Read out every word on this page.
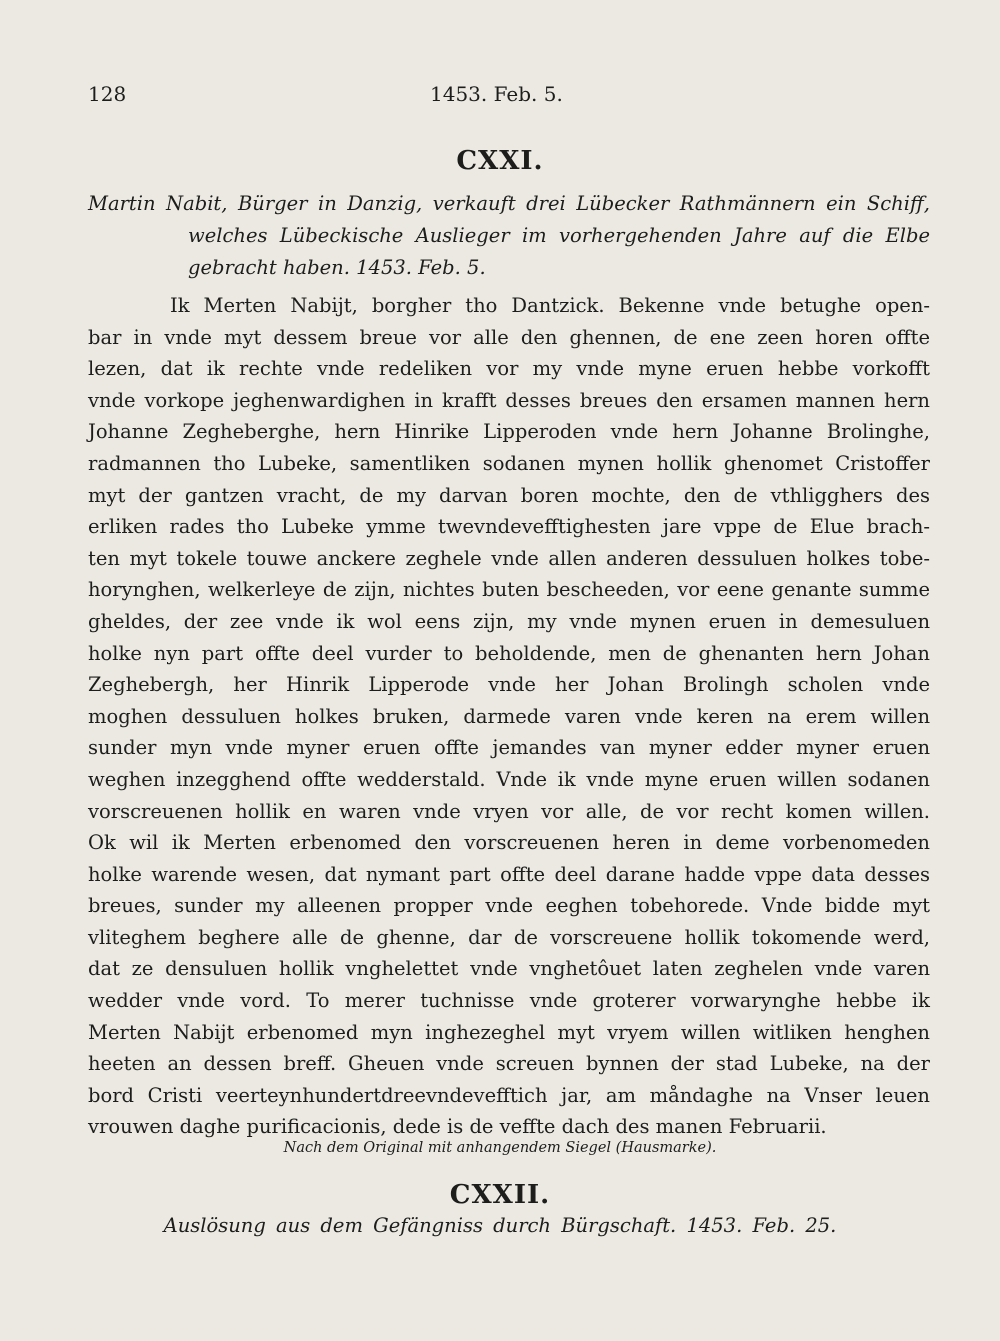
128	1453. Feb. 5.
CXXI.
Martin Nabit, Bürger in Danzig, verkauft drei Lübecker Rathmännern ein Schiff,
welches Lübeckische Auslieger im vorhergehenden Jahre auf die Elbe
gebracht haben. 1453. Feb. 5.
Ik Merten Nabijt, borgher tho Dantzick. Bekenne vnde betughe open-
bar in vnde myt dessem breue vor alle den ghennen, de ene zeen horen offte
lezen, dat ik rechte vnde redeliken vor my vnde myne eruen hebbe vorkofft
vnde vorkope jeghenwardighen in krafft desses breues den ersamen mannen hern
Johanne Zegheberghe, hern Hinrike Lipperoden vnde hern Johanne Brolinghe,
radmannen tho Lubeke, samentliken sodanen mynen hollik ghenomet Cristoffer
myt der gantzen vracht, de my darvan boren mochte, den de vthligghers des
erliken rades tho Lubeke ymme twevndevefftighesten jare vppe de Elue brach-
ten myt tokele touwe anckere zeghele vnde allen anderen dessuluen holkes tobe-
horynghen, welkerleye de zijn, nichtes buten bescheeden, vor eene genante summe
gheldes, der zee vnde ik wol eens zijn, my vnde mynen eruen in demesuluen
holke nyn part offte deel vurder to beholdende, men de ghenanten hern Johan
Zeghebergh, her Hinrik Lipperode vnde her Johan Brolingh scholen vnde
moghen dessuluen holkes bruken, darmede varen vnde keren na erem willen
sunder myn vnde myner eruen offte jemandes van myner edder myner eruen
weghen inzegghend offte wedderstald. Vnde ik vnde myne eruen willen sodanen
vorscreuenen hollik en waren vnde vryen vor alle, de vor recht komen willen.
Ok wil ik Merten erbenomed den vorscreuenen heren in deme vorbenomeden
holke warende wesen, dat nymant part offte deel darane hadde vppe data desses
breues, sunder my alleenen propper vnde eeghen tobehorede. Vnde bidde myt
vliteghem beghere alle de ghenne, dar de vorscreuene hollik tokomende werd,
dat ze densuluen hollik vnghelettet vnde vnghetôuet laten zeghelen vnde varen
wedder vnde vord. To merer tuchnisse vnde groterer vorwarynghe hebbe ik
Merten Nabijt erbenomed myn inghezeghel myt vryem willen witliken henghen
heeten an dessen breff. Gheuen vnde screuen bynnen der stad Lubeke, na der
bord Cristi veerteynhundertdreevndevefftich jar, am måndaghe na Vnser leuen
vrouwen daghe purificacionis, dede is de veffte dach des manen Februarii.
Nach dem Original mit anhangendem Siegel (Hausmarke).
CXXII.
Auslösung aus dem Gefängniss durch Bürgschaft. 1453. Feb. 25.
